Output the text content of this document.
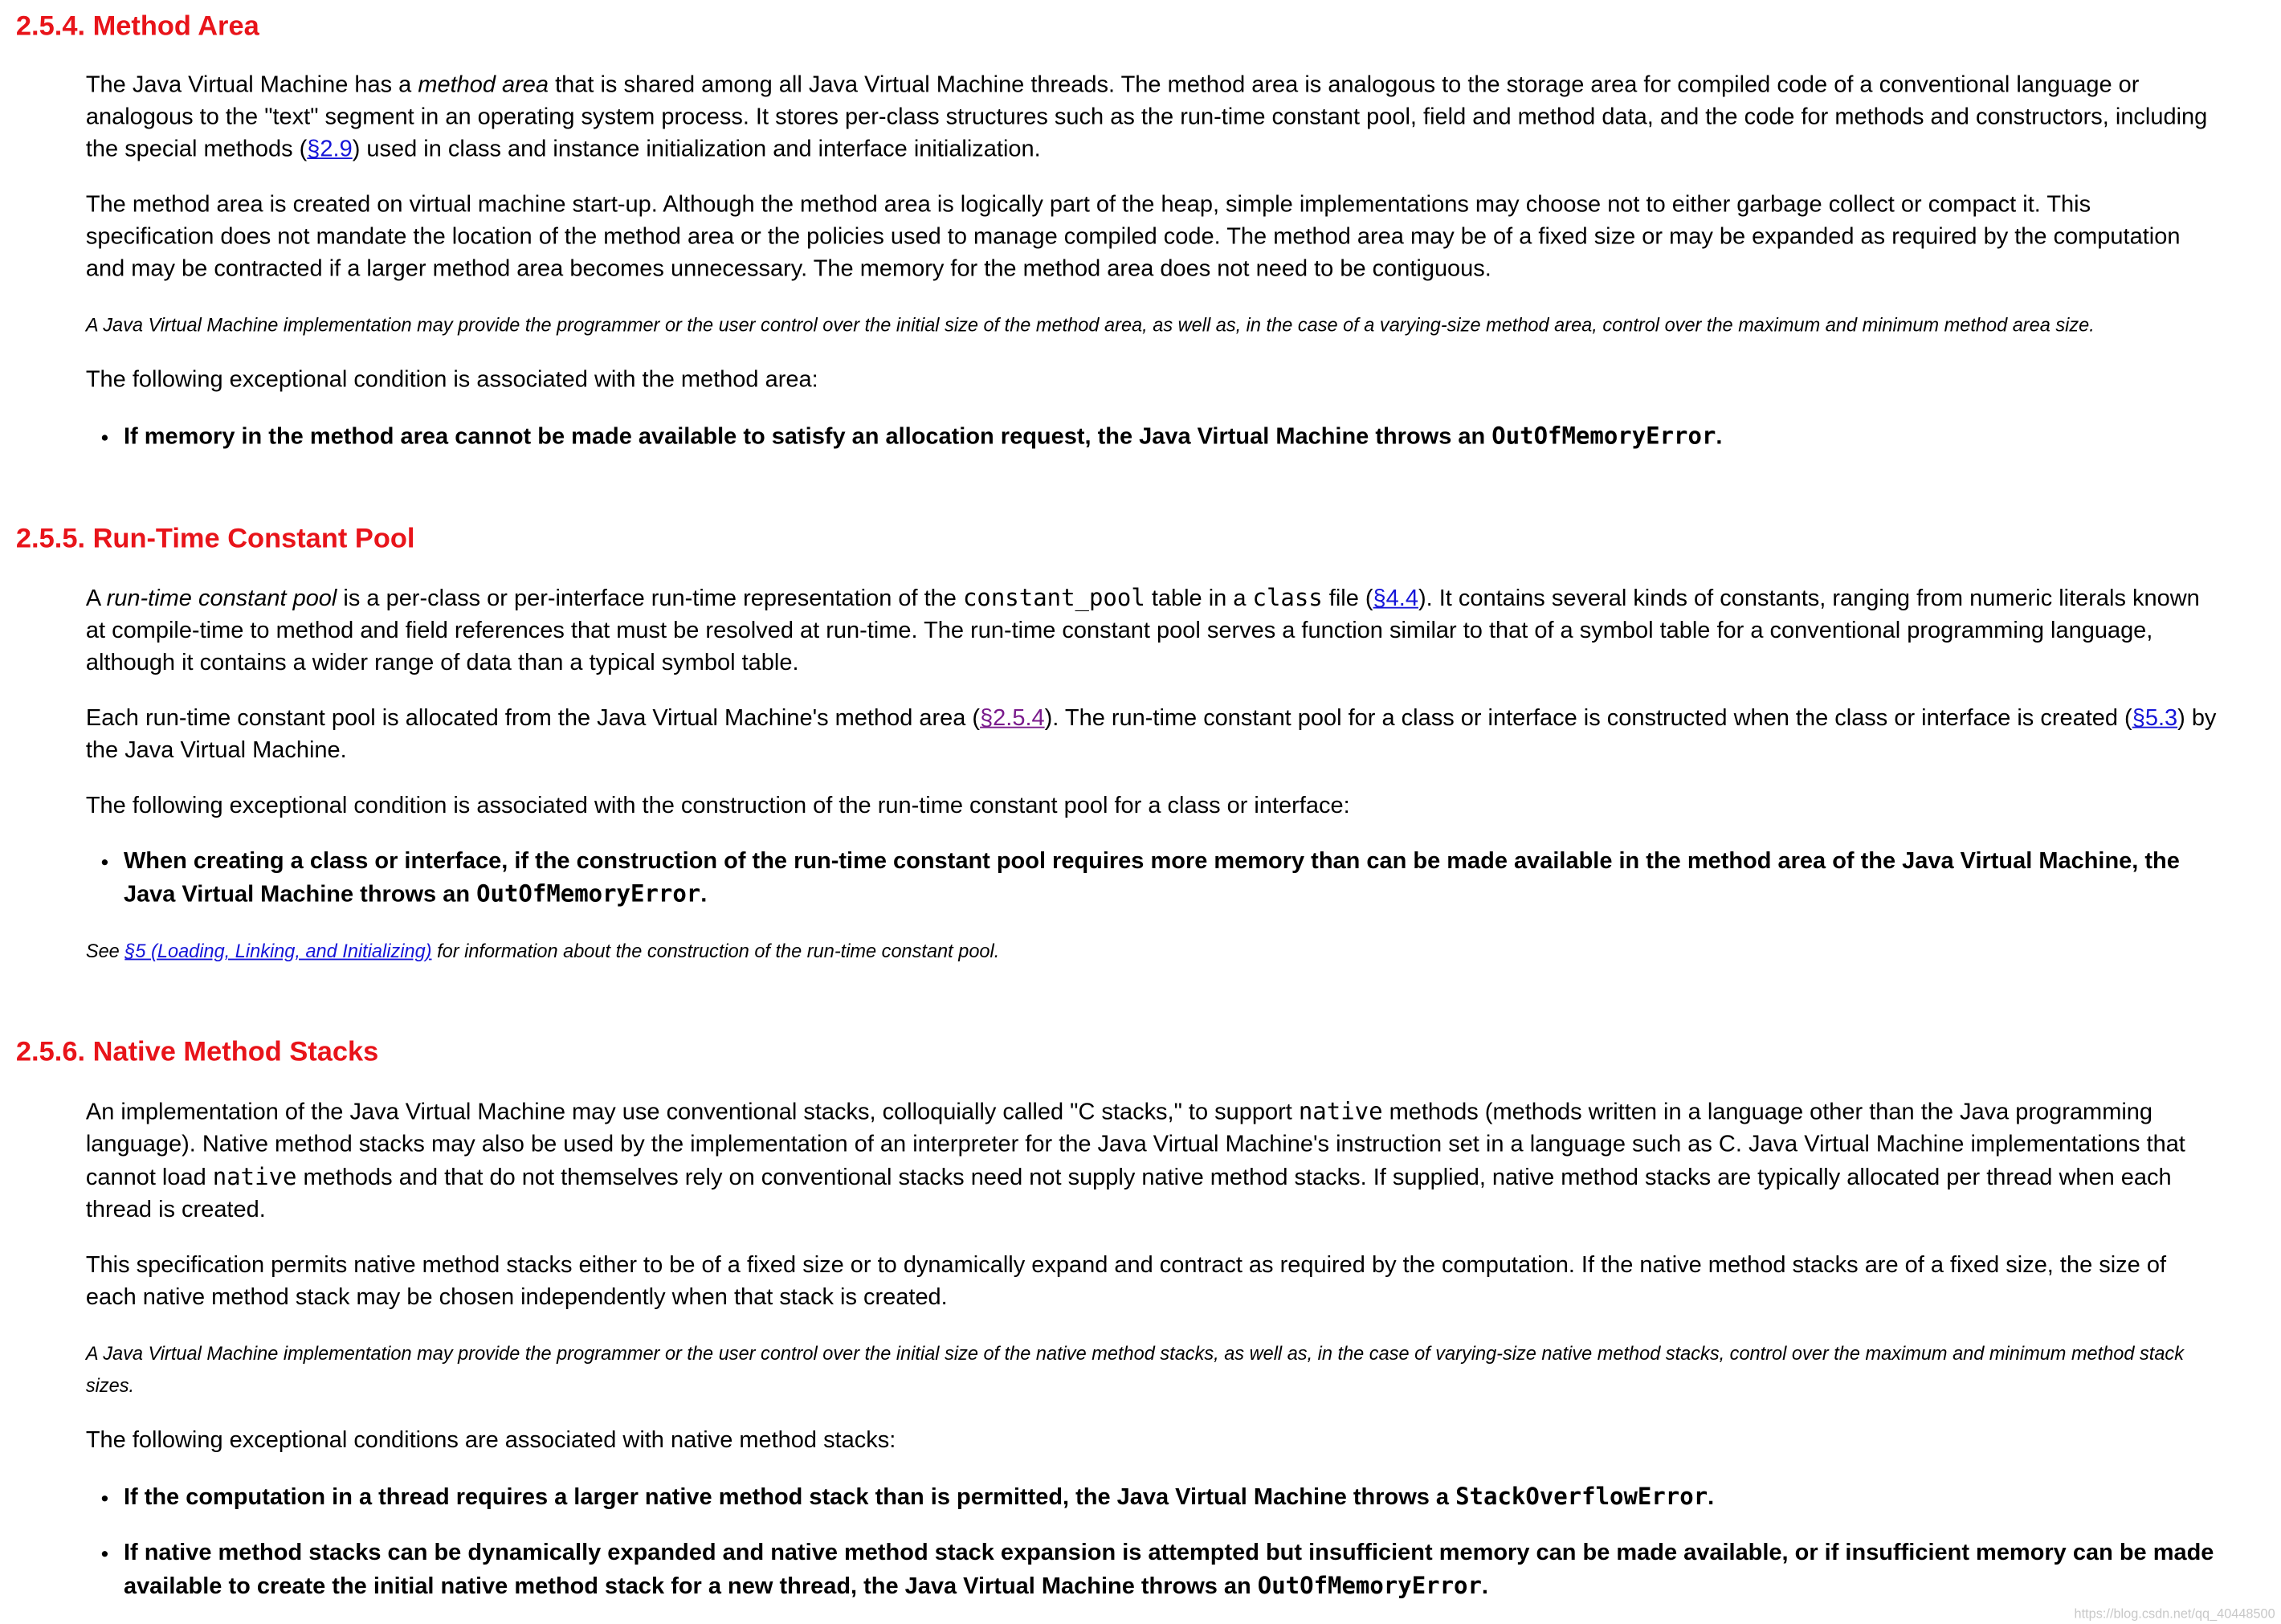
2.5.4. Method Area

The Java Virtual Machine has a method area that is shared among all Java Virtual Machine threads. The method area is analogous to the storage area for compiled code of a conventional language or analogous to the "text" segment in an operating system process. It stores per-class structures such as the run-time constant pool, field and method data, and the code for methods and constructors, including the special methods (§2.9) used in class and instance initialization and interface initialization.

The method area is created on virtual machine start-up. Although the method area is logically part of the heap, simple implementations may choose not to either garbage collect or compact it. This specification does not mandate the location of the method area or the policies used to manage compiled code. The method area may be of a fixed size or may be expanded as required by the computation and may be contracted if a larger method area becomes unnecessary. The memory for the method area does not need to be contiguous.

A Java Virtual Machine implementation may provide the programmer or the user control over the initial size of the method area, as well as, in the case of a varying-size method area, control over the maximum and minimum method area size.

The following exceptional condition is associated with the method area:

• If memory in the method area cannot be made available to satisfy an allocation request, the Java Virtual Machine throws an OutOfMemoryError.
2.5.5. Run-Time Constant Pool

A run-time constant pool is a per-class or per-interface run-time representation of the constant_pool table in a class file (§4.4). It contains several kinds of constants, ranging from numeric literals known at compile-time to method and field references that must be resolved at run-time. The run-time constant pool serves a function similar to that of a symbol table for a conventional programming language, although it contains a wider range of data than a typical symbol table.

Each run-time constant pool is allocated from the Java Virtual Machine's method area (§2.5.4). The run-time constant pool for a class or interface is constructed when the class or interface is created (§5.3) by the Java Virtual Machine.

The following exceptional condition is associated with the construction of the run-time constant pool for a class or interface:

• When creating a class or interface, if the construction of the run-time constant pool requires more memory than can be made available in the method area of the Java Virtual Machine, the Java Virtual Machine throws an OutOfMemoryError.

See §5 (Loading, Linking, and Initializing) for information about the construction of the run-time constant pool.

2.5.6. Native Method Stacks

An implementation of the Java Virtual Machine may use conventional stacks, colloquially called "C stacks," to support native methods (methods written in a language other than the Java programming language). Native method stacks may also be used by the implementation of an interpreter for the Java Virtual Machine's instruction set in a language such as C. Java Virtual Machine implementations that cannot load native methods and that do not themselves rely on conventional stacks need not supply native method stacks. If supplied, native method stacks are typically allocated per thread when each thread is created.

This specification permits native method stacks either to be of a fixed size or to dynamically expand and contract as required by the computation. If the native method stacks are of a fixed size, the size of each native method stack may be chosen independently when that stack is created.

A Java Virtual Machine implementation may provide the programmer or the user control over the initial size of the native method stacks, as well as, in the case of varying-size native method stacks, control over the maximum and minimum method stack sizes.

The following exceptional conditions are associated with native method stacks:

• If the computation in a thread requires a larger native method stack than is permitted, the Java Virtual Machine throws a StackOverflowError.
• If native method stacks can be dynamically expanded and native method stack expansion is attempted but insufficient memory can be made available, or if insufficient memory can be made available to create the initial native method stack for a new thread, the Java Virtual Machine throws an OutOfMemoryError.
https://blog.csdn.net/qq_40448500
